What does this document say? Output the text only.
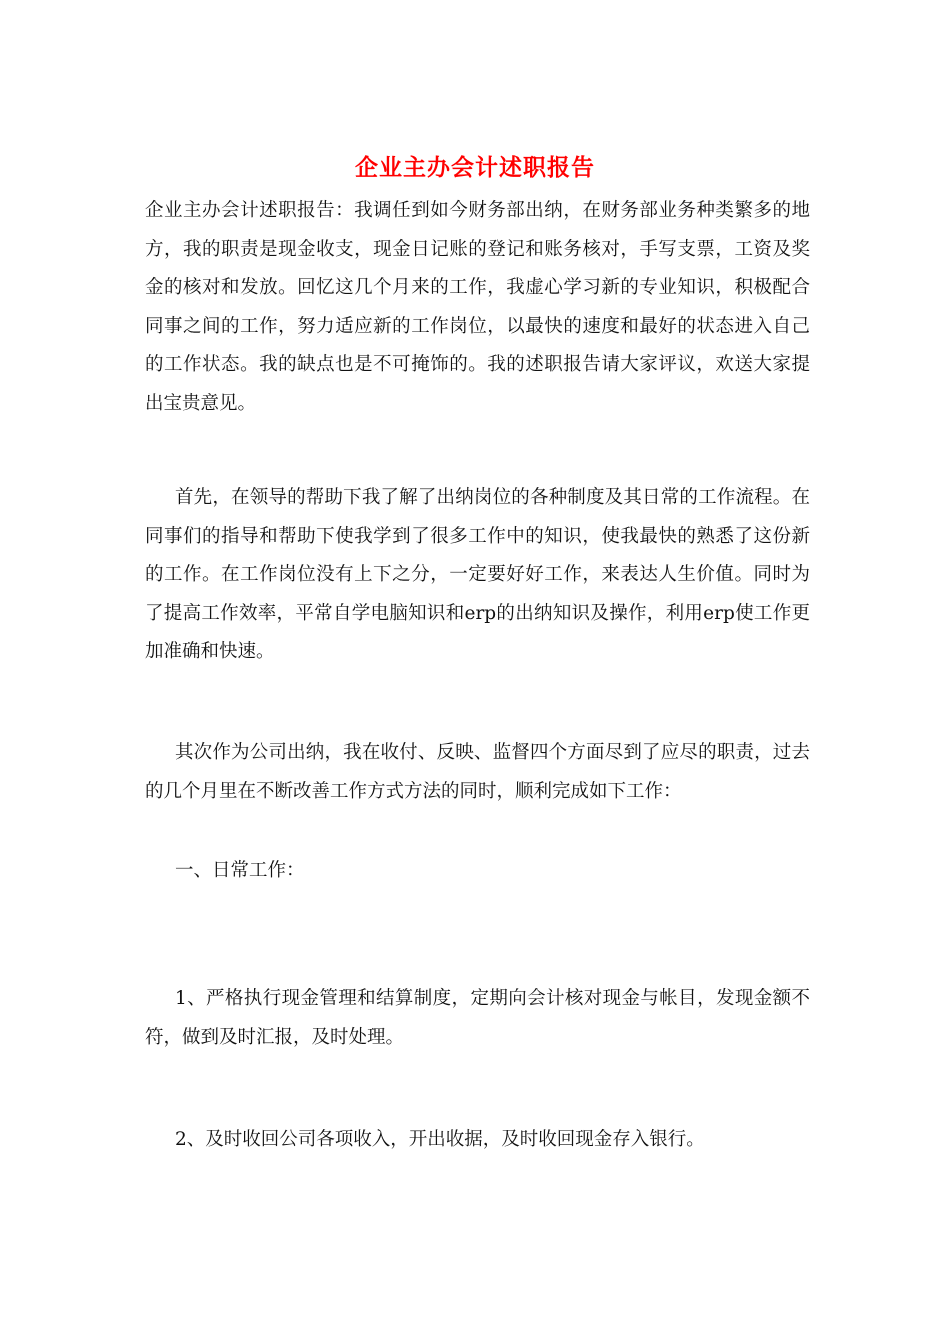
企业主办会计述职报告

企业主办会计述职报告：我调任到如今财务部出纳，在财务部业务种类繁多的地方，我的职责是现金收支，现金日记账的登记和账务核对，手写支票，工资及奖金的核对和发放。回忆这几个月来的工作，我虚心学习新的专业知识，积极配合同事之间的工作，努力适应新的工作岗位，以最快的速度和最好的状态进入自己的工作状态。我的缺点也是不可掩饰的。我的述职报告请大家评议，欢送大家提出宝贵意见。

首先，在领导的帮助下我了解了出纳岗位的各种制度及其日常的工作流程。在同事们的指导和帮助下使我学到了很多工作中的知识，使我最快的熟悉了这份新的工作。在工作岗位没有上下之分，一定要好好工作，来表达人生价值。同时为了提高工作效率，平常自学电脑知识和erp的出纳知识及操作，利用erp使工作更加准确和快速。

其次作为公司出纳，我在收付、反映、监督四个方面尽到了应尽的职责，过去的几个月里在不断改善工作方式方法的同时，顺利完成如下工作：

一、日常工作：

1、严格执行现金管理和结算制度，定期向会计核对现金与帐目，发现金额不符，做到及时汇报，及时处理。

2、及时收回公司各项收入，开出收据，及时收回现金存入银行。
